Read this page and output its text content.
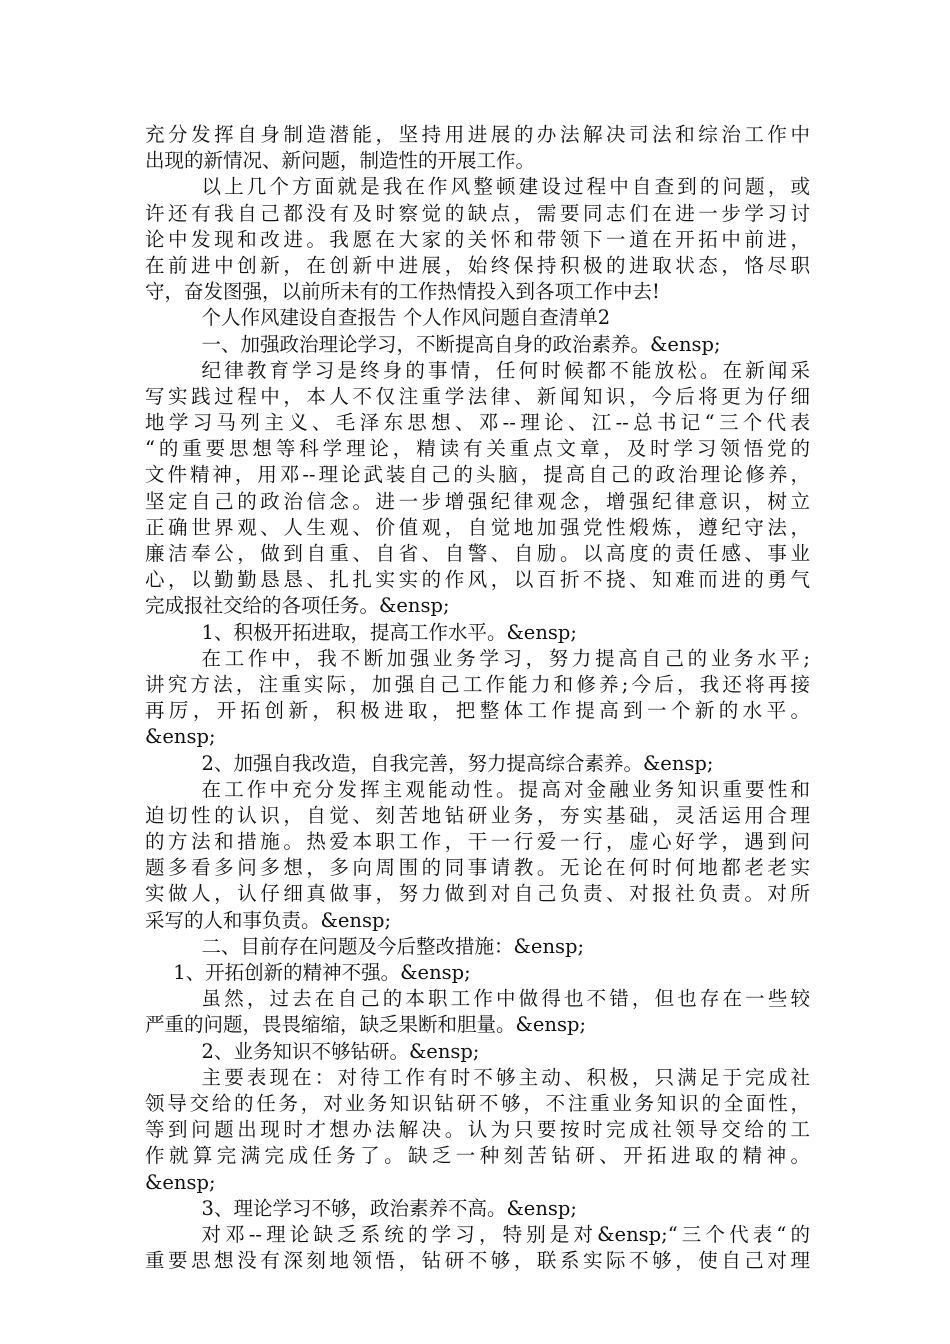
充分发挥自身制造潜能，坚持用进展的办法解决司法和综治工作中
出现的新情况、新问题，制造性的开展工作。
以上几个方面就是我在作风整顿建设过程中自查到的问题，或
许还有我自己都没有及时察觉的缺点，需要同志们在进一步学习讨
论中发现和改进。我愿在大家的关怀和带领下一道在开拓中前进，
在前进中创新，在创新中进展，始终保持积极的进取状态，恪尽职
守，奋发图强，以前所未有的工作热情投入到各项工作中去!
个人作风建设自查报告 个人作风问题自查清单2
一、加强政治理论学习，不断提高自身的政治素养。&ensp;
纪律教育学习是终身的事情，任何时候都不能放松。在新闻采
写实践过程中，本人不仅注重学法律、新闻知识，今后将更为仔细
地学习马列主义、毛泽东思想、邓--理论、江--总书记“三个代表
“的重要思想等科学理论，精读有关重点文章，及时学习领悟党的
文件精神，用邓--理论武装自己的头脑，提高自己的政治理论修养，
坚定自己的政治信念。进一步增强纪律观念，增强纪律意识，树立
正确世界观、人生观、价值观，自觉地加强党性煅炼，遵纪守法，
廉洁奉公，做到自重、自省、自警、自励。以高度的责任感、事业
心，以勤勤恳恳、扎扎实实的作风，以百折不挠、知难而进的勇气
完成报社交给的各项任务。&ensp;
1、积极开拓进取，提高工作水平。&ensp;
在工作中，我不断加强业务学习，努力提高自己的业务水平;
讲究方法，注重实际，加强自己工作能力和修养;今后，我还将再接
再厉，开拓创新，积极进取，把整体工作提高到一个新的水平。
&ensp;
2、加强自我改造，自我完善，努力提高综合素养。&ensp;
在工作中充分发挥主观能动性。提高对金融业务知识重要性和
迫切性的认识，自觉、刻苦地钻研业务，夯实基础，灵活运用合理
的方法和措施。热爱本职工作，干一行爱一行，虚心好学，遇到问
题多看多问多想，多向周围的同事请教。无论在何时何地都老老实
实做人，认仔细真做事，努力做到对自己负责、对报社负责。对所
采写的人和事负责。&ensp;
二、目前存在问题及今后整改措施：&ensp;
1、开拓创新的精神不强。&ensp;
虽然，过去在自己的本职工作中做得也不错，但也存在一些较
严重的问题，畏畏缩缩，缺乏果断和胆量。&ensp;
2、业务知识不够钻研。&ensp;
主要表现在：对待工作有时不够主动、积极，只满足于完成社
领导交给的任务，对业务知识钻研不够，不注重业务知识的全面性，
等到问题出现时才想办法解决。认为只要按时完成社领导交给的工
作就算完满完成任务了。缺乏一种刻苦钻研、开拓进取的精神。
&ensp;
3、理论学习不够，政治素养不高。&ensp;
对邓--理论缺乏系统的学习，特别是对&ensp;“三个代表“的
重要思想没有深刻地领悟，钻研不够，联系实际不够，使自己对理
